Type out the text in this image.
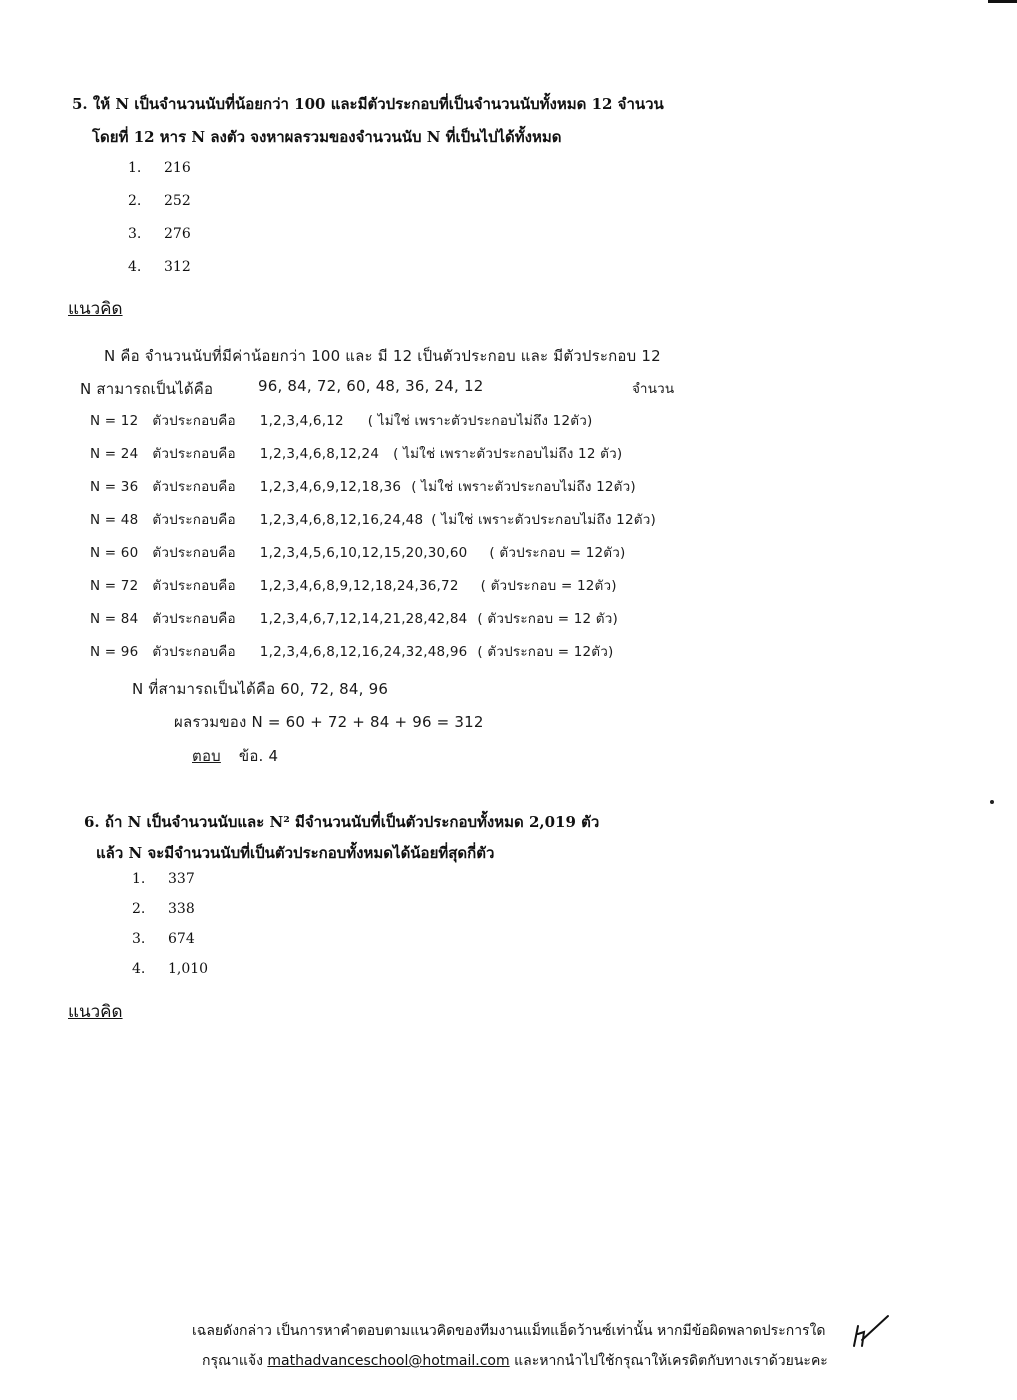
5. ให้ N เป็นจำนวนนับที่น้อยกว่า 100 และมีตัวประกอบที่เป็นจำนวนนับทั้งหมด 12 จำนวน
โดยที่ 12 หาร N ลงตัว จงหาผลรวมของจำนวนนับ N ที่เป็นไปได้ทั้งหมด
1. 216
2. 252
3. 276
4. 312
แนวคิด
N คือ จำนวนนับที่มีค่าน้อยกว่า 100 และ มี 12 เป็นตัวประกอบ และ มีตัวประกอบ 12
N สามารถเป็นได้คือ	96, 84, 72, 60, 48, 36, 24, 12	จำนวน
N = 12 ตัวประกอบคือ 1,2,3,4,6,12 ( ไม่ใช่ เพราะตัวประกอบไม่ถึง 12ตัว)
N = 24 ตัวประกอบคือ 1,2,3,4,6,8,12,24 ( ไม่ใช่ เพราะตัวประกอบไม่ถึง 12 ตัว)
N = 36 ตัวประกอบคือ 1,2,3,4,6,9,12,18,36 ( ไม่ใช่ เพราะตัวประกอบไม่ถึง 12ตัว)
N = 48 ตัวประกอบคือ 1,2,3,4,6,8,12,16,24,48 ( ไม่ใช่ เพราะตัวประกอบไม่ถึง 12ตัว)
N = 60 ตัวประกอบคือ 1,2,3,4,5,6,10,12,15,20,30,60 ( ตัวประกอบ = 12ตัว)
N = 72 ตัวประกอบคือ 1,2,3,4,6,8,9,12,18,24,36,72 ( ตัวประกอบ = 12ตัว)
N = 84 ตัวประกอบคือ 1,2,3,4,6,7,12,14,21,28,42,84 ( ตัวประกอบ = 12 ตัว)
N = 96 ตัวประกอบคือ 1,2,3,4,6,8,12,16,24,32,48,96 ( ตัวประกอบ = 12ตัว)
N ที่สามารถเป็นได้คือ 60, 72, 84, 96
ผลรวมของ N = 60 + 72 + 84 + 96 = 312
ตอบ ข้อ. 4
6. ถ้า N เป็นจำนวนนับและ N² มีจำนวนนับที่เป็นตัวประกอบทั้งหมด 2,019 ตัว
แล้ว N จะมีจำนวนนับที่เป็นตัวประกอบทั้งหมดได้น้อยที่สุดกี่ตัว
1. 337
2. 338
3. 674
4. 1,010
แนวคิด
เฉลยดังกล่าว เป็นการหาคำตอบตามแนวคิดของทีมงานแม็ทแอ็ดว้านซ์เท่านั้น หากมีข้อผิดพลาดประการใด
กรุณาแจ้ง mathadvanceschool@hotmail.com และหากนำไปใช้กรุณาให้เครดิตกับทางเราด้วยนะคะ
